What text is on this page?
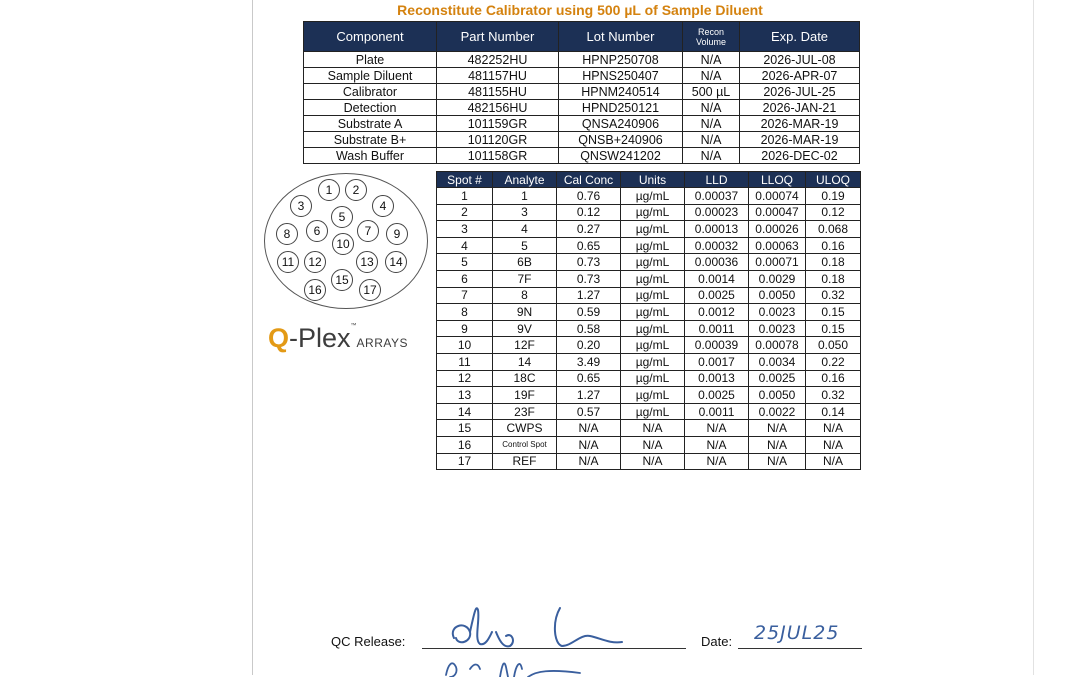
Reconstitute Calibrator using 500 µL of Sample Diluent
Component	Part Number	Lot Number	Recon Volume	Exp. Date
Plate	482252HU	HPNP250708	N/A	2026-JUL-08
Sample Diluent	481157HU	HPNS250407	N/A	2026-APR-07
Calibrator	481155HU	HPNM240514	500 µL	2026-JUL-25
Detection	482156HU	HPND250121	N/A	2026-JAN-21
Substrate A	101159GR	QNSA240906	N/A	2026-MAR-19
Substrate B+	101120GR	QNSB+240906	N/A	2026-MAR-19
Wash Buffer	101158GR	QNSW241202	N/A	2026-DEC-02
1	2
3	4
5
6	7
8	9
10
11	12	13	14
15
16	17
Q-Plex™ARRAYS
Spot #	Analyte	Cal Conc	Units	LLD	LLOQ	ULOQ
1	1	0.76	µg/mL	0.00037	0.00074	0.19
2	3	0.12	µg/mL	0.00023	0.00047	0.12
3	4	0.27	µg/mL	0.00013	0.00026	0.068
4	5	0.65	µg/mL	0.00032	0.00063	0.16
5	6B	0.73	µg/mL	0.00036	0.00071	0.18
6	7F	0.73	µg/mL	0.0014	0.0029	0.18
7	8	1.27	µg/mL	0.0025	0.0050	0.32
8	9N	0.59	µg/mL	0.0012	0.0023	0.15
9	9V	0.58	µg/mL	0.0011	0.0023	0.15
10	12F	0.20	µg/mL	0.00039	0.00078	0.050
11	14	3.49	µg/mL	0.0017	0.0034	0.22
12	18C	0.65	µg/mL	0.0013	0.0025	0.16
13	19F	1.27	µg/mL	0.0025	0.0050	0.32
14	23F	0.57	µg/mL	0.0011	0.0022	0.14
15	CWPS	N/A	N/A	N/A	N/A	N/A
16	Control Spot	N/A	N/A	N/A	N/A	N/A
17	REF	N/A	N/A	N/A	N/A	N/A
QC Release:	Date: 25JUL25
